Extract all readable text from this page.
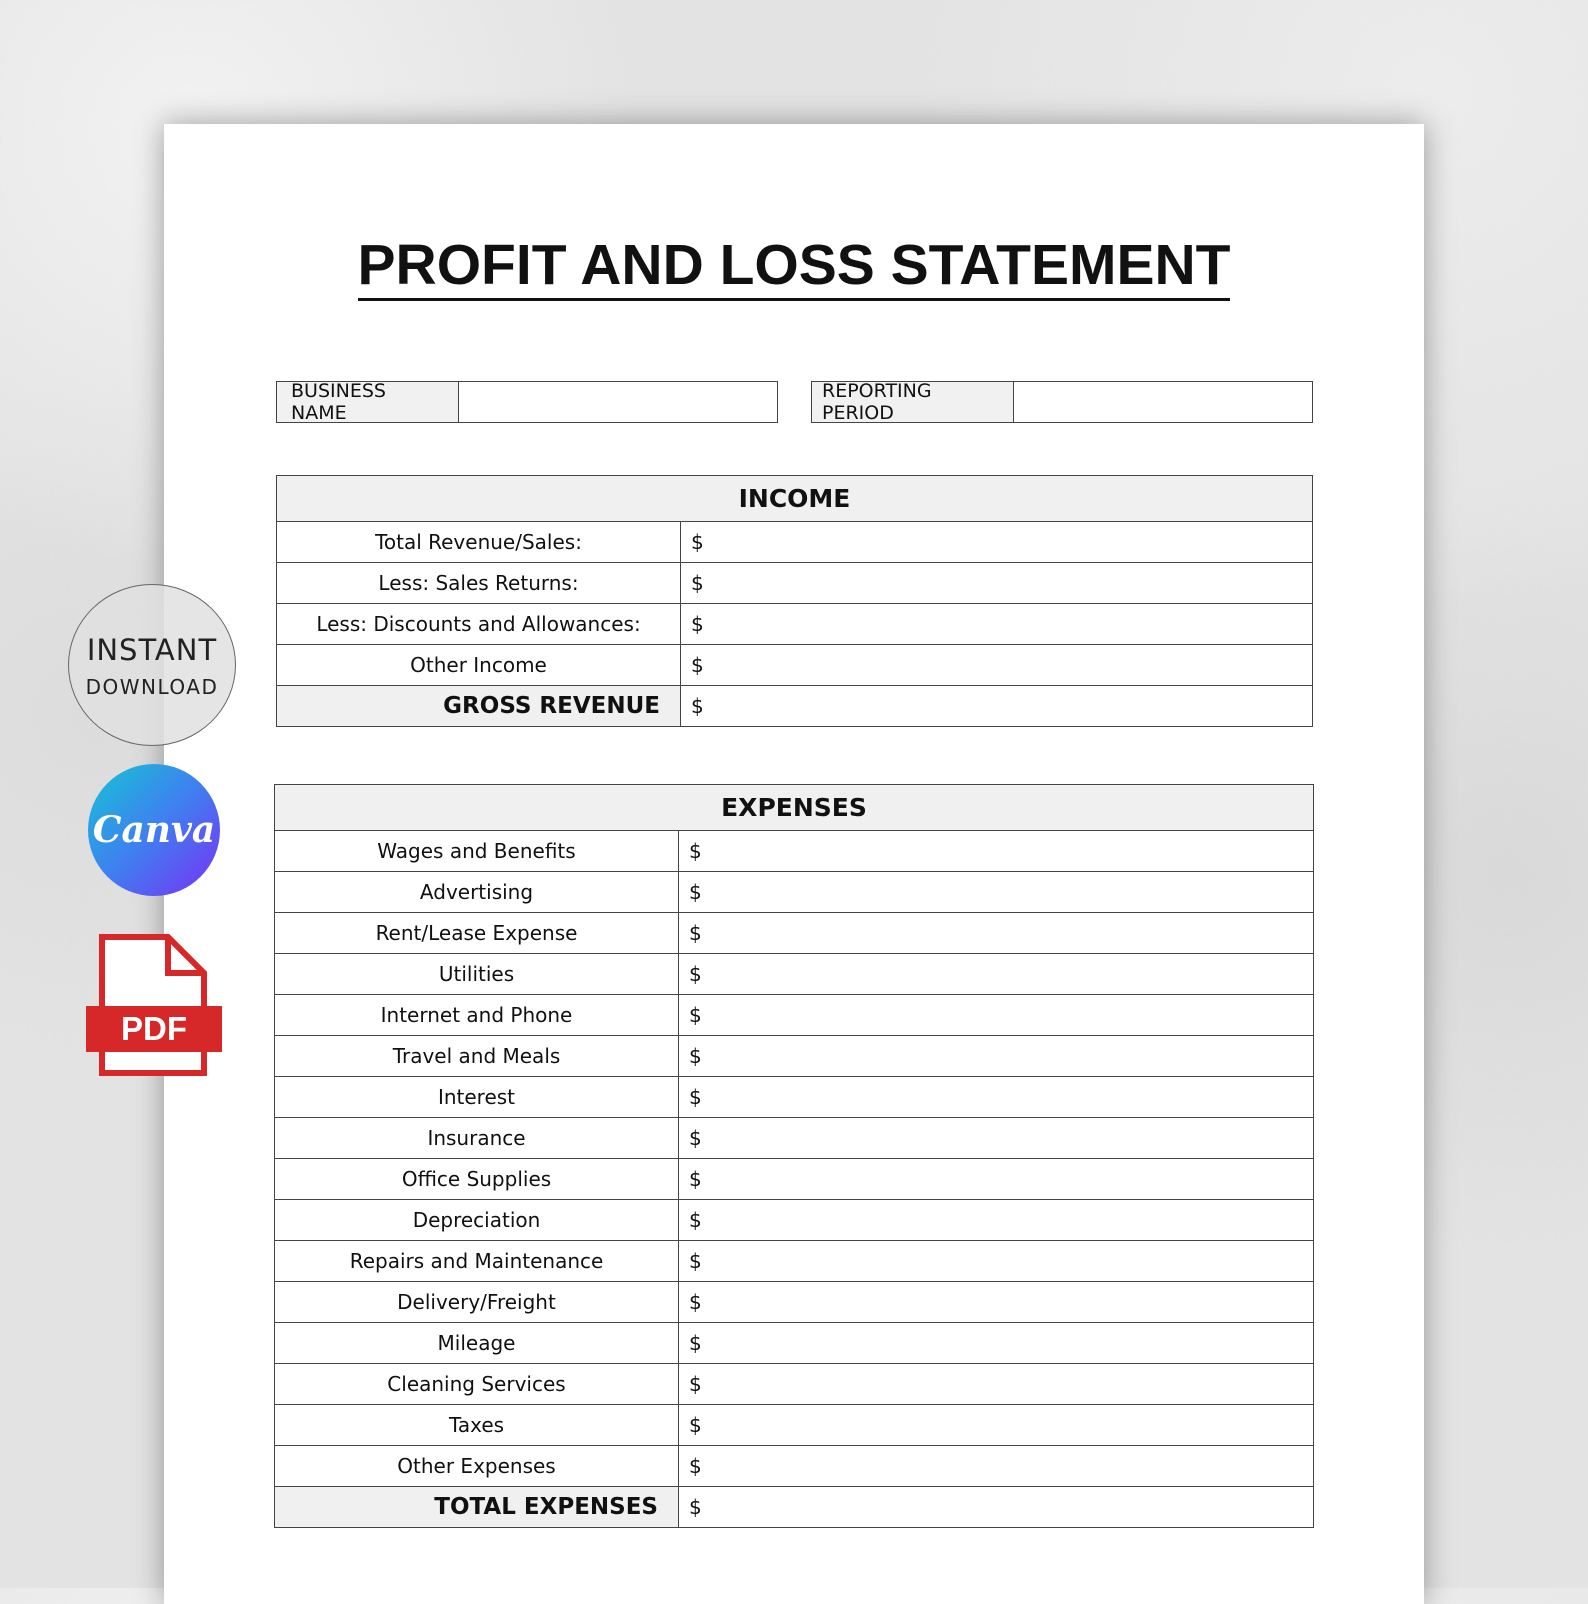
PROFIT AND LOSS STATEMENT
BUSINESS NAME
REPORTING PERIOD
INCOME	
Total Revenue/Sales:	$
Less: Sales Returns:	$
Less: Discounts and Allowances:	$
Other Income	$
GROSS REVENUE	$
EXPENSES	
Wages and Benefits	$
Advertising	$
Rent/Lease Expense	$
Utilities	$
Internet and Phone	$
Travel and Meals	$
Interest	$
Insurance	$
Office Supplies	$
Depreciation	$
Repairs and Maintenance	$
Delivery/Freight	$
Mileage	$
Cleaning Services	$
Taxes	$
Other Expenses	$
TOTAL EXPENSES	$
INSTANT
DOWNLOAD
Canva
PDF
